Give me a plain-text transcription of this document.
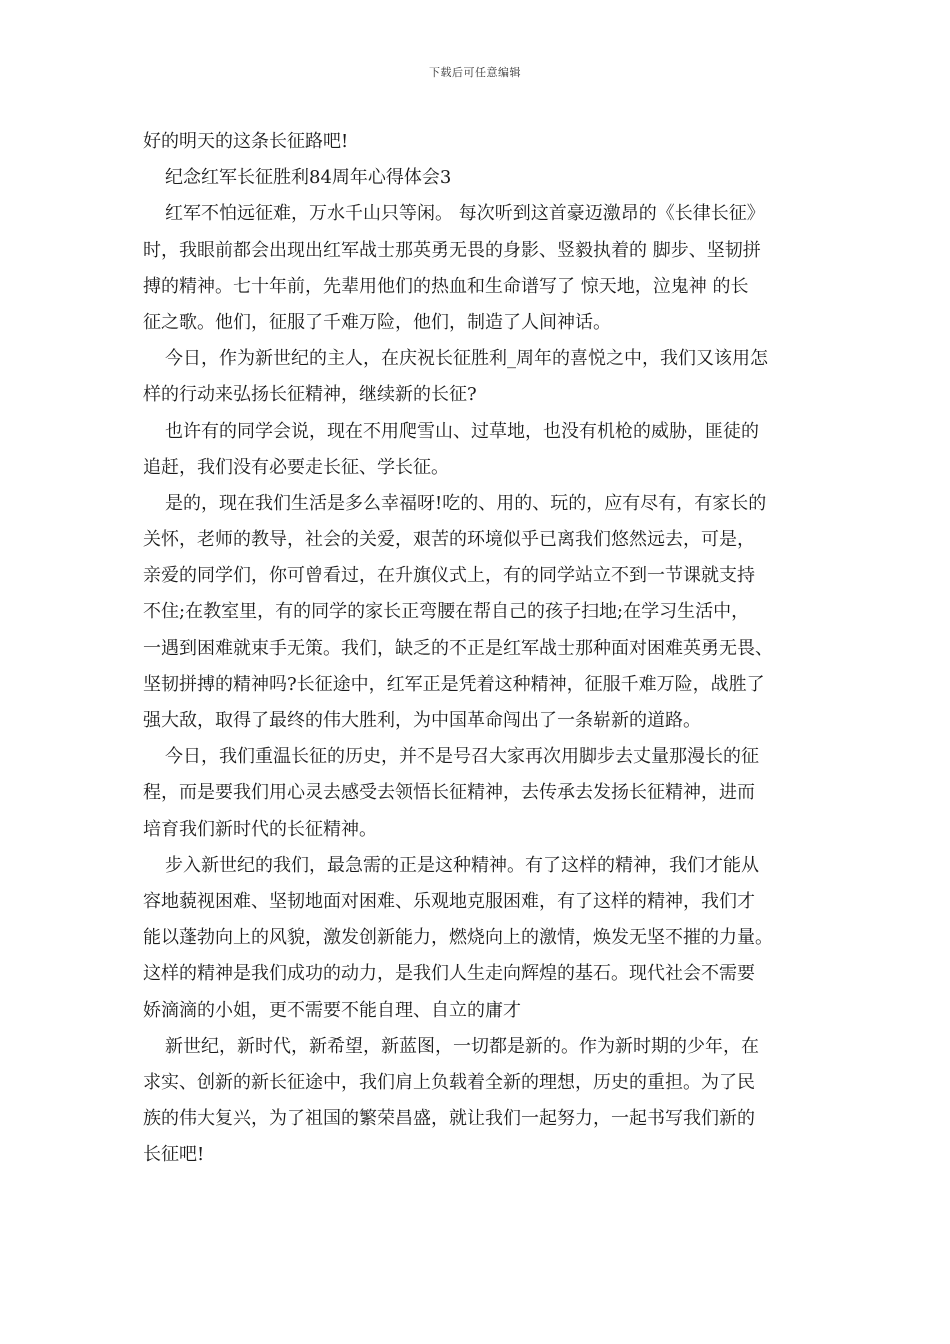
下载后可任意编辑
好的明天的这条长征路吧!
纪念红军长征胜利84周年心得体会3
红军不怕远征难，万水千山只等闲。 每次听到这首豪迈激昂的《长律长征》
时，我眼前都会出现出红军战士那英勇无畏的身影、竖毅执着的 脚步、坚韧拼
搏的精神。七十年前，先辈用他们的热血和生命谱写了 惊天地，泣鬼神 的长
征之歌。他们，征服了千难万险，他们，制造了人间神话。
今日，作为新世纪的主人，在庆祝长征胜利_周年的喜悦之中，我们又该用怎
样的行动来弘扬长征精神，继续新的长征?
也许有的同学会说，现在不用爬雪山、过草地，也没有机枪的威胁，匪徒的
追赶，我们没有必要走长征、学长征。
是的，现在我们生活是多么幸福呀!吃的、用的、玩的，应有尽有，有家长的
关怀，老师的教导，社会的关爱，艰苦的环境似乎已离我们悠然远去，可是，
亲爱的同学们，你可曾看过，在升旗仪式上，有的同学站立不到一节课就支持
不住;在教室里，有的同学的家长正弯腰在帮自己的孩子扫地;在学习生活中，
一遇到困难就束手无策。我们，缺乏的不正是红军战士那种面对困难英勇无畏、
坚韧拼搏的精神吗?长征途中，红军正是凭着这种精神，征服千难万险，战胜了
强大敌，取得了最终的伟大胜利，为中国革命闯出了一条崭新的道路。
今日，我们重温长征的历史，并不是号召大家再次用脚步去丈量那漫长的征
程，而是要我们用心灵去感受去领悟长征精神，去传承去发扬长征精神，进而
培育我们新时代的长征精神。
步入新世纪的我们，最急需的正是这种精神。有了这样的精神，我们才能从
容地藐视困难、坚韧地面对困难、乐观地克服困难，有了这样的精神，我们才
能以蓬勃向上的风貌，激发创新能力，燃烧向上的激情，焕发无坚不摧的力量。
这样的精神是我们成功的动力，是我们人生走向辉煌的基石。现代社会不需要
娇滴滴的小姐，更不需要不能自理、自立的庸才
新世纪，新时代，新希望，新蓝图，一切都是新的。作为新时期的少年，在
求实、创新的新长征途中，我们肩上负载着全新的理想，历史的重担。为了民
族的伟大复兴，为了祖国的繁荣昌盛，就让我们一起努力，一起书写我们新的
长征吧!
